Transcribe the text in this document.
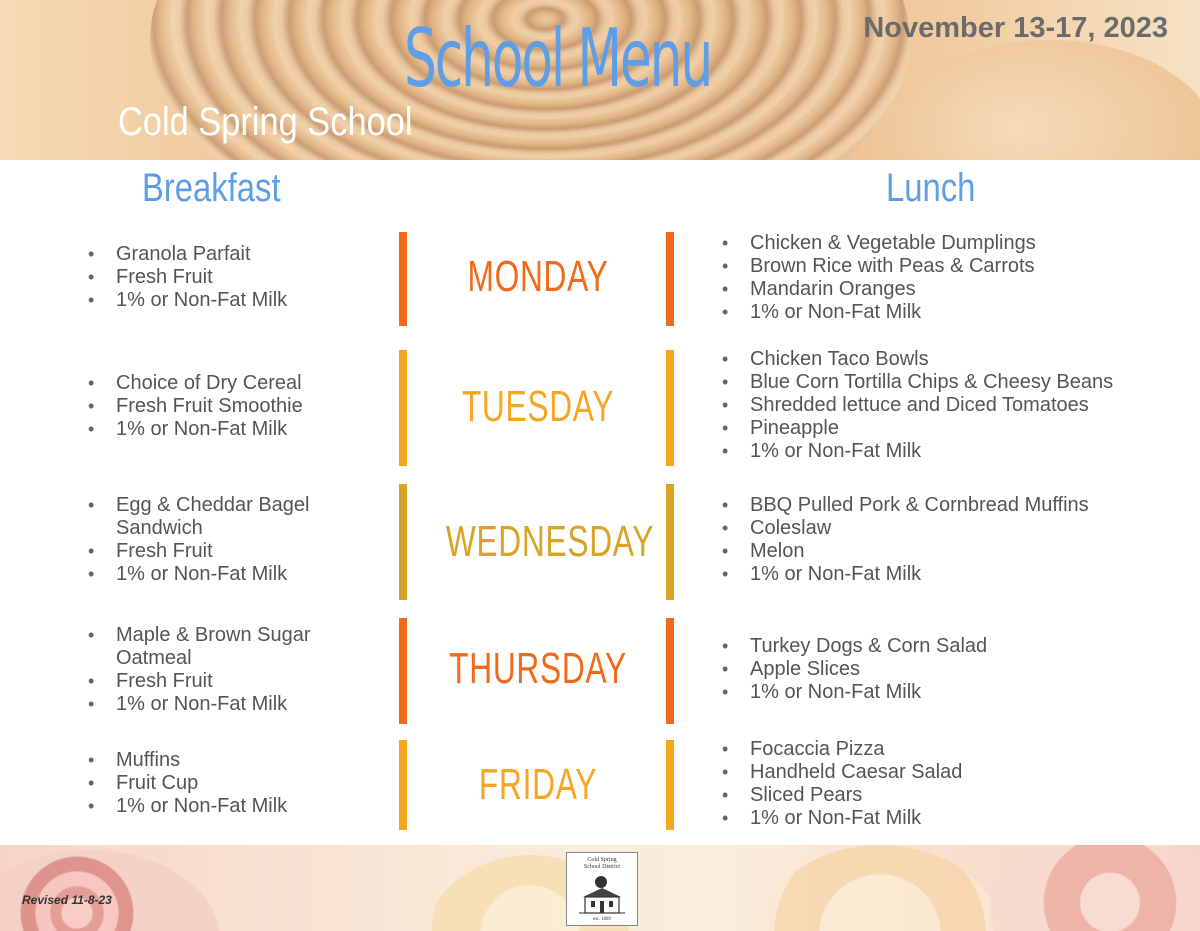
School Menu	November 13-17, 2023
Cold Spring School
Breakfast	Lunch
• Granola Parfait
• Fresh Fruit
• 1% or Non-Fat Milk	MONDAY
• Chicken & Vegetable Dumplings
• Brown Rice with Peas & Carrots
• Mandarin Oranges
• 1% or Non-Fat Milk
• Choice of Dry Cereal
• Fresh Fruit Smoothie
• 1% or Non-Fat Milk	TUESDAY
• Chicken Taco Bowls
• Blue Corn Tortilla Chips & Cheesy Beans
• Shredded lettuce and Diced Tomatoes
• Pineapple
• 1% or Non-Fat Milk
• Egg & Cheddar Bagel Sandwich
• Fresh Fruit
• 1% or Non-Fat Milk
WEDNESDAY
• BBQ Pulled Pork & Cornbread Muffins
• Coleslaw
• Melon
• 1% or Non-Fat Milk
• Maple & Brown Sugar Oatmeal
• Fresh Fruit
• 1% or Non-Fat Milk
THURSDAY
•	Turkey Dogs & Corn Salad
• Apple Slices
• 1% or Non-Fat Milk
• Muffins
• Fruit Cup
• 1% or Non-Fat Milk	FRIDAY
• Focaccia Pizza
• Handheld Caesar Salad
• Sliced Pears
• 1% or Non-Fat Milk
Revised 11-8-23
Cold Spring
School District
est. 1889
